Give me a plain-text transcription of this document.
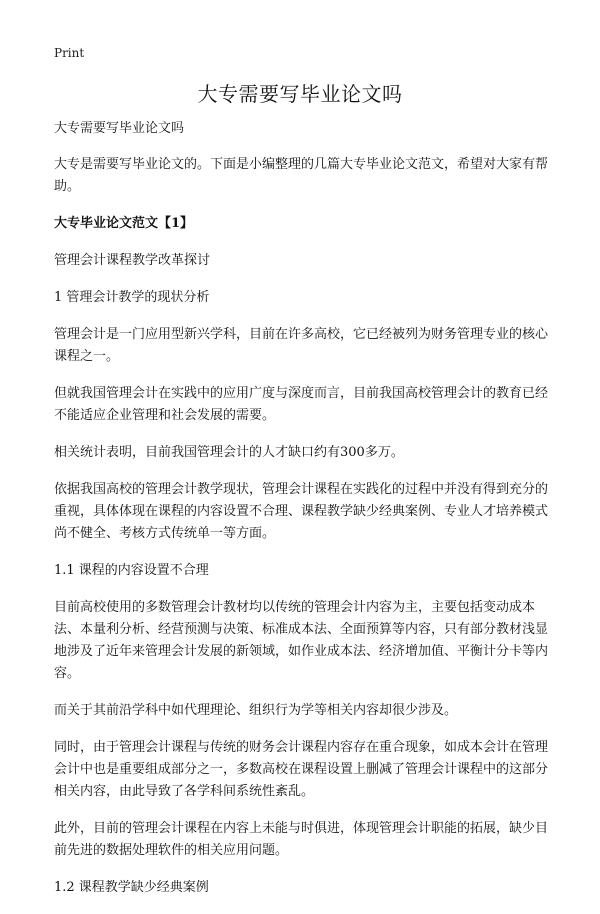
Print
大专需要写毕业论文吗

大专需要写毕业论文吗

大专是需要写毕业论文的。下面是小编整理的几篇大专毕业论文范文，希望对大家有帮助。

大专毕业论文范文【1】

管理会计课程教学改革探讨

1 管理会计教学的现状分析

管理会计是一门应用型新兴学科，目前在许多高校，它已经被列为财务管理专业的核心课程之一。

但就我国管理会计在实践中的应用广度与深度而言，目前我国高校管理会计的教育已经不能适应企业管理和社会发展的需要。

相关统计表明，目前我国管理会计的人才缺口约有300多万。

依据我国高校的管理会计教学现状，管理会计课程在实践化的过程中并没有得到充分的重视，具体体现在课程的内容设置不合理、课程教学缺少经典案例、专业人才培养模式尚不健全、考核方式传统单一等方面。

1.1 课程的内容设置不合理

目前高校使用的多数管理会计教材均以传统的管理会计内容为主，主要包括变动成本法、本量利分析、经营预测与决策、标准成本法、全面预算等内容，只有部分教材浅显地涉及了近年来管理会计发展的新领域，如作业成本法、经济增加值、平衡计分卡等内容。

而关于其前沿学科中如代理理论、组织行为学等相关内容却很少涉及。

同时，由于管理会计课程与传统的财务会计课程内容存在重合现象，如成本会计在管理会计中也是重要组成部分之一，多数高校在课程设置上删减了管理会计课程中的这部分相关内容，由此导致了各学科间系统性紊乱。

此外，目前的管理会计课程在内容上未能与时俱进，体现管理会计职能的拓展，缺少目前先进的数据处理软件的相关应用问题。

1.2 课程教学缺少经典案例
